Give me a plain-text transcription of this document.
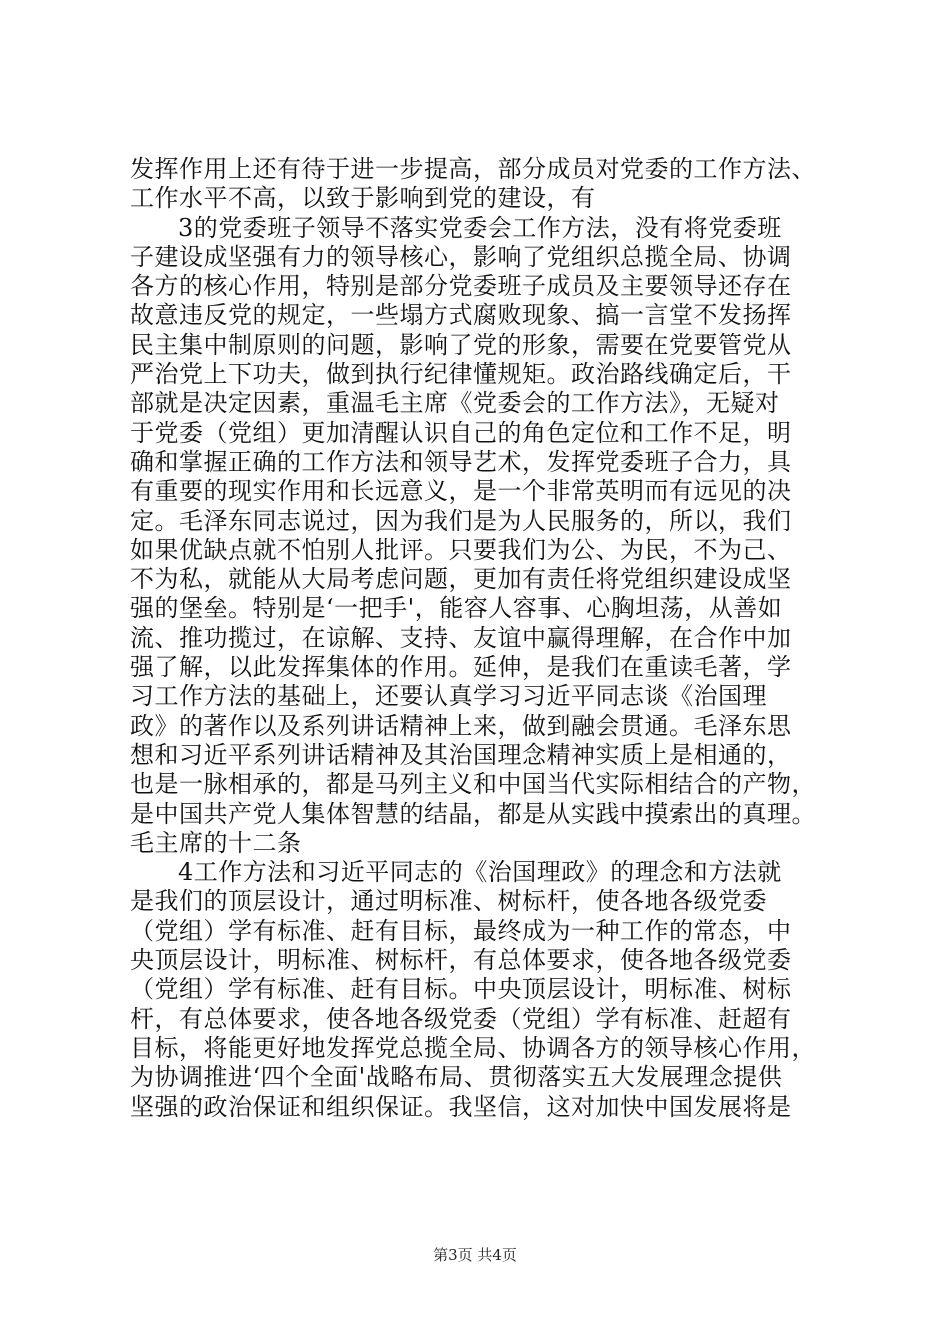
发挥作用上还有待于进一步提高，部分成员对党委的工作方法、
工作水平不高，以致于影响到党的建设，有
3的党委班子领导不落实党委会工作方法，没有将党委班
子建设成坚强有力的领导核心，影响了党组织总揽全局、协调
各方的核心作用，特别是部分党委班子成员及主要领导还存在
故意违反党的规定，一些塌方式腐败现象、搞一言堂不发扬挥
民主集中制原则的问题，影响了党的形象，需要在党要管党从
严治党上下功夫，做到执行纪律懂规矩。政治路线确定后，干
部就是决定因素，重温毛主席《党委会的工作方法》，无疑对
于党委（党组）更加清醒认识自己的角色定位和工作不足，明
确和掌握正确的工作方法和领导艺术，发挥党委班子合力，具
有重要的现实作用和长远意义，是一个非常英明而有远见的决
定。毛泽东同志说过，因为我们是为人民服务的，所以，我们
如果优缺点就不怕别人批评。只要我们为公、为民，不为己、
不为私，就能从大局考虑问题，更加有责任将党组织建设成坚
强的堡垒。特别是‘一把手'，能容人容事、心胸坦荡，从善如
流、推功揽过，在谅解、支持、友谊中赢得理解，在合作中加
强了解，以此发挥集体的作用。延伸，是我们在重读毛著，学
习工作方法的基础上，还要认真学习习近平同志谈《治国理
政》的著作以及系列讲话精神上来，做到融会贯通。毛泽东思
想和习近平系列讲话精神及其治国理念精神实质上是相通的，
也是一脉相承的，都是马列主义和中国当代实际相结合的产物，
是中国共产党人集体智慧的结晶，都是从实践中摸索出的真理。
毛主席的十二条
4工作方法和习近平同志的《治国理政》的理念和方法就
是我们的顶层设计，通过明标准、树标杆，使各地各级党委
（党组）学有标准、赶有目标，最终成为一种工作的常态，中
央顶层设计，明标准、树标杆，有总体要求，使各地各级党委
（党组）学有标准、赶有目标。中央顶层设计，明标准、树标
杆，有总体要求，使各地各级党委（党组）学有标准、赶超有
目标，将能更好地发挥党总揽全局、协调各方的领导核心作用，
为协调推进‘四个全面'战略布局、贯彻落实五大发展理念提供
坚强的政治保证和组织保证。我坚信，这对加快中国发展将是
第3页 共4页
